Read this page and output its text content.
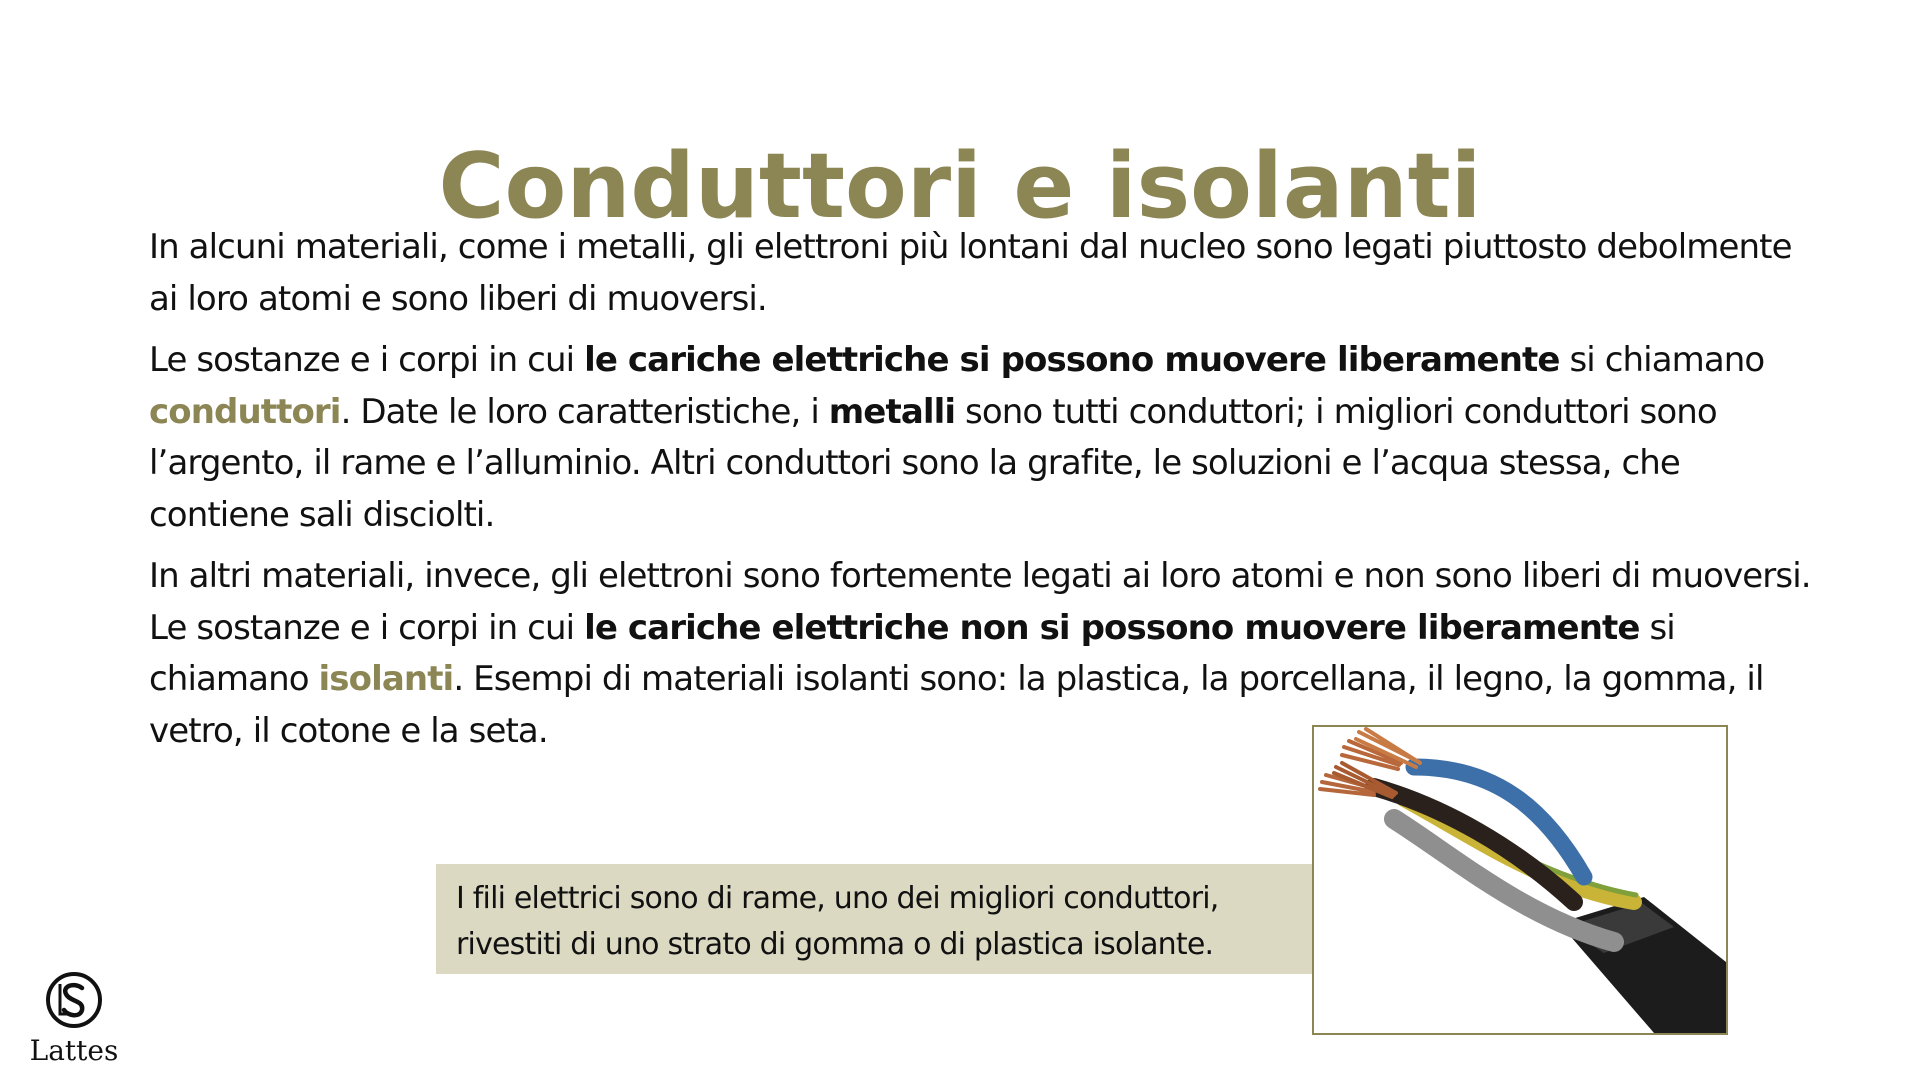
Conduttori e isolanti

In alcuni materiali, come i metalli, gli elettroni più lontani dal nucleo sono legati piuttosto debolmente ai loro atomi e sono liberi di muoversi.

Le sostanze e i corpi in cui le cariche elettriche si possono muovere liberamente si chiamano conduttori. Date le loro caratteristiche, i metalli sono tutti conduttori; i migliori conduttori sono l’argento, il rame e l’alluminio. Altri conduttori sono la grafite, le soluzioni e l’acqua stessa, che contiene sali disciolti.

In altri materiali, invece, gli elettroni sono fortemente legati ai loro atomi e non sono liberi di muoversi. Le sostanze e i corpi in cui le cariche elettriche non si possono muovere liberamente si chiamano isolanti. Esempi di materiali isolanti sono: la plastica, la porcellana, il legno, la gomma, il vetro, il cotone e la seta.

I fili elettrici sono di rame, uno dei migliori conduttori,
rivestiti di uno strato di gomma o di plastica isolante.
Lattes
